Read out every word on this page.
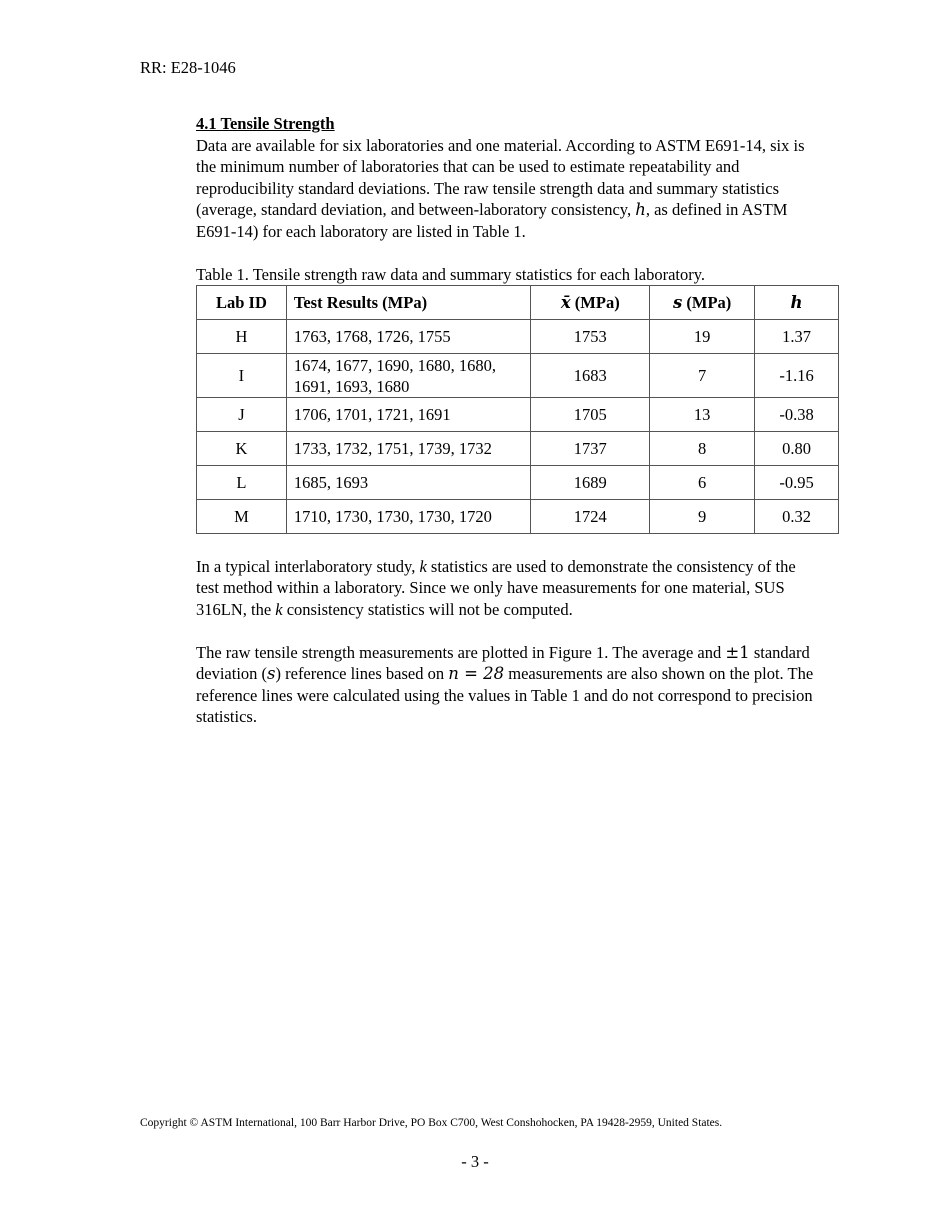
RR: E28-1046

4.1 Tensile Strength

Data are available for six laboratories and one material. According to ASTM E691-14, six is the minimum number of laboratories that can be used to estimate repeatability and reproducibility standard deviations. The raw tensile strength data and summary statistics (average, standard deviation, and between-laboratory consistency, h, as defined in ASTM E691-14) for each laboratory are listed in Table 1.

Table 1. Tensile strength raw data and summary statistics for each laboratory.

Lab ID	Test Results (MPa)	x̄ (MPa)	s (MPa)	h
H	1763, 1768, 1726, 1755	1753	19	1.37
I	1674, 1677, 1690, 1680, 1680,
1691, 1693, 1680	1683	7	-1.16
J	1706, 1701, 1721, 1691	1705	13	-0.38
K	1733, 1732, 1751, 1739, 1732	1737	8	0.80
L	1685, 1693	1689	6	-0.95
M	1710, 1730, 1730, 1730, 1720	1724	9	0.32

In a typical interlaboratory study, k statistics are used to demonstrate the consistency of the test method within a laboratory. Since we only have measurements for one material, SUS 316LN, the k consistency statistics will not be computed.

The raw tensile strength measurements are plotted in Figure 1. The average and ±1 standard deviation (s) reference lines based on n = 28 measurements are also shown on the plot. The reference lines were calculated using the values in Table 1 and do not correspond to precision statistics.

Copyright © ASTM International, 100 Barr Harbor Drive, PO Box C700, West Conshohocken, PA 19428-2959, United States.
- 3 -
